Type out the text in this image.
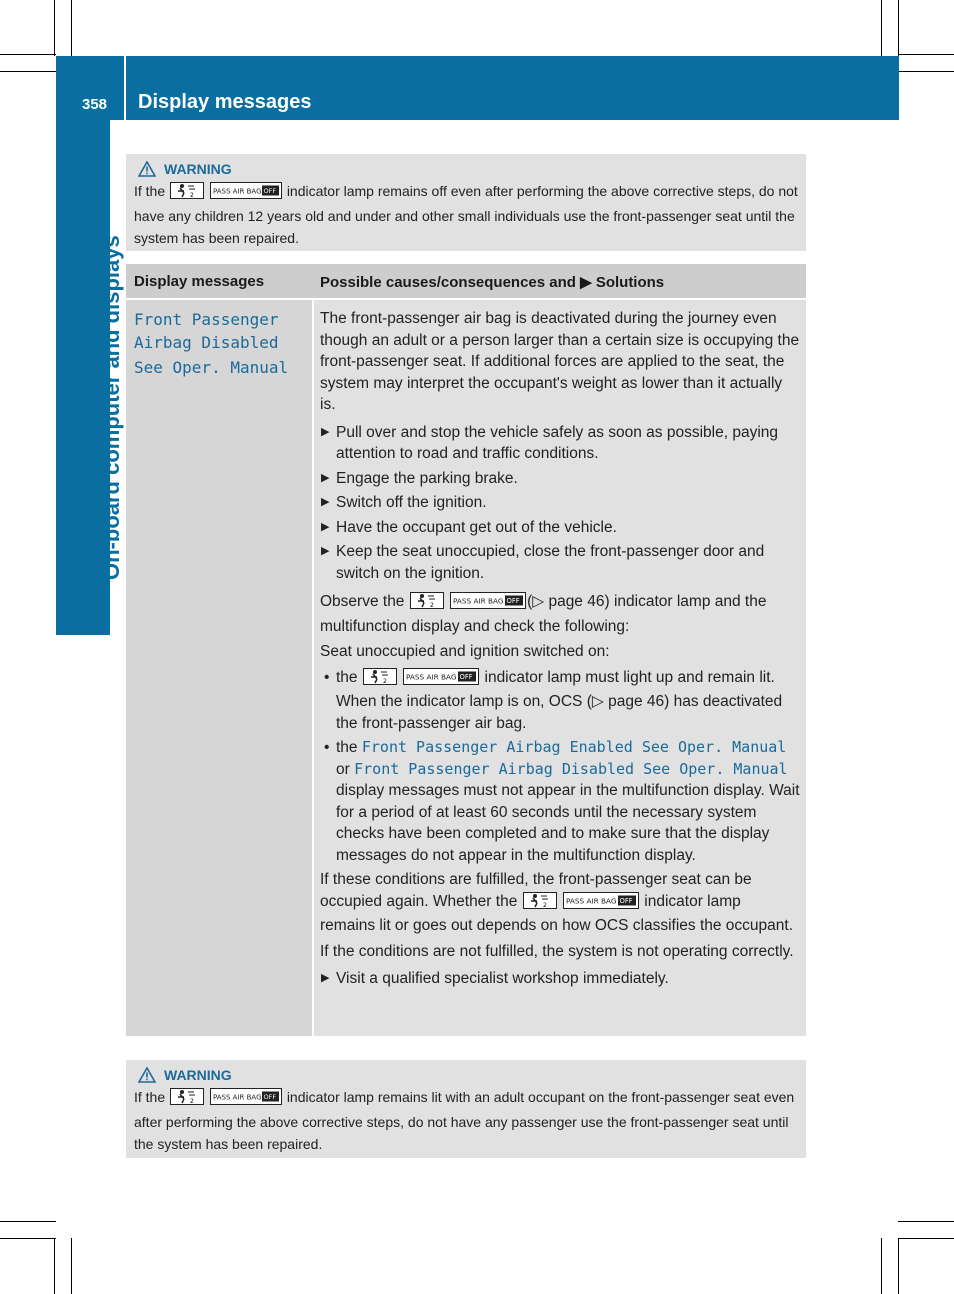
358 Display messages
On-board computer and displays
WARNING
If the	2
	PASS AIR BAG OFF indicator lamp remains off even after performing the above corrective steps, do not have any children 12 years old and under and other small individuals use the front-passenger seat until the system has been repaired.
Display messages	Possible causes/consequences and ▶ Solutions
Front Passenger
Airbag Disabled
See Oper. Manual

The front-passenger air bag is deactivated during the journey even though an adult or a person larger than a certain size is occupying the front-passenger seat. If additional forces are applied to the seat, the system may interpret the occupant's weight as lower than it actually is.

▶ Pull over and stop the vehicle safely as soon as possible, paying attention to road and traffic conditions.
▶ Engage the parking brake.
▶ Switch off the ignition.
▶ Have the occupant get out of the vehicle.
▶ Keep the seat unoccupied, close the front-passenger door and switch on the ignition.

Observe the	2
	PASS AIR BAG OFF (▷ page 46) indicator lamp and the multifunction display and check the following:

Seat unoccupied and ignition switched on:

• the	2
	PASS AIR BAG OFF indicator lamp must light up and remain lit. When the indicator lamp is on, OCS (▷ page 46) has deactivated the front-passenger air bag.
• the Front Passenger Airbag Enabled See Oper. Manual or Front Passenger Airbag Disabled See Oper. Manual display messages must not appear in the multifunction display. Wait for a period of at least 60 seconds until the necessary system checks have been completed and to make sure that the display messages do not appear in the multifunction display.

If these conditions are fulfilled, the front-passenger seat can be occupied again. Whether the	2
	PASS AIR BAG OFF indicator lamp remains lit or goes out depends on how OCS classifies the occupant.

If the conditions are not fulfilled, the system is not operating correctly.

▶ Visit a qualified specialist workshop immediately.
WARNING
If the	2
	PASS AIR BAG OFF indicator lamp remains lit with an adult occupant on the front-passenger seat even after performing the above corrective steps, do not have any passenger use the front-passenger seat until the system has been repaired.
